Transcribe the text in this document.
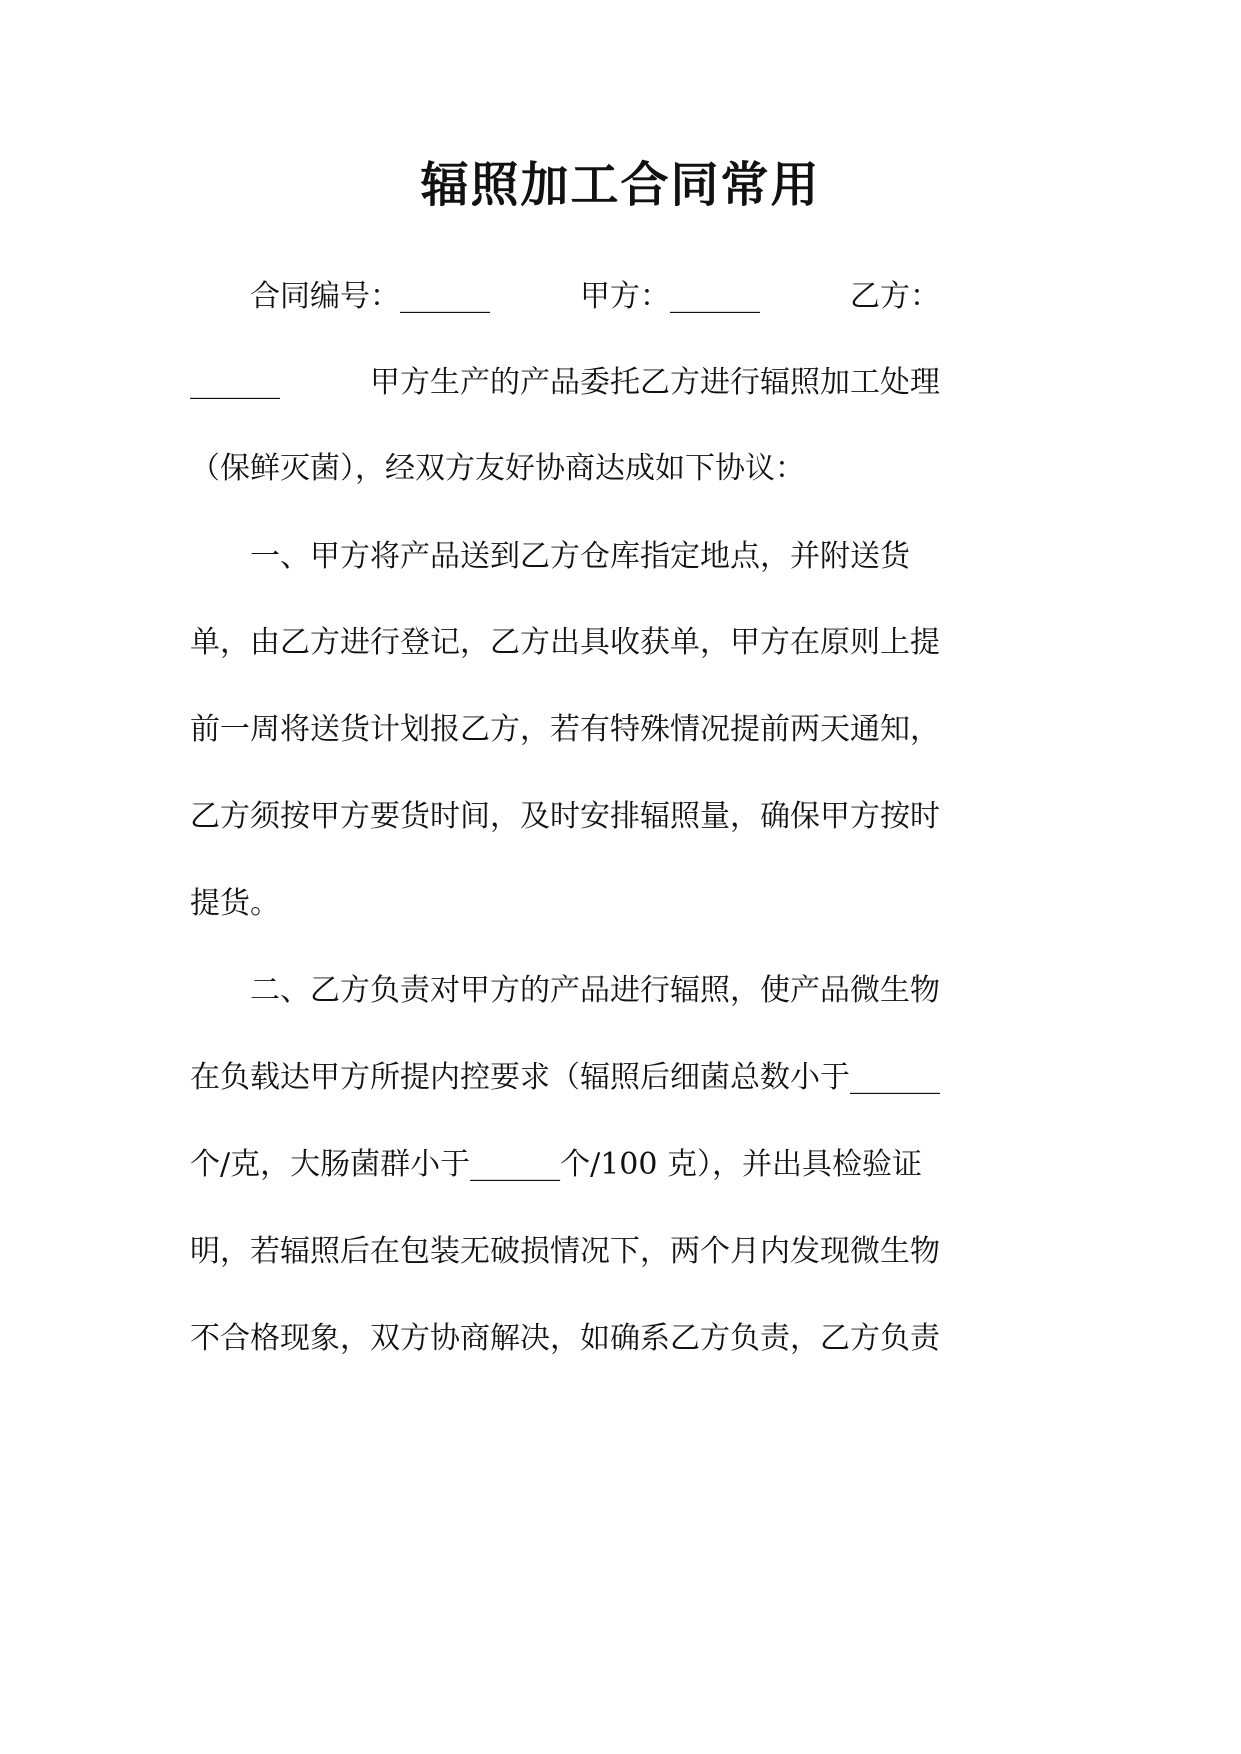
辐照加工合同常用
　　合同编号：______　　　甲方：______　　　乙方：
______　　　甲方生产的产品委托乙方进行辐照加工处理
（保鲜灭菌），经双方友好协商达成如下协议：
　　一、甲方将产品送到乙方仓库指定地点，并附送货
单，由乙方进行登记，乙方出具收获单，甲方在原则上提
前一周将送货计划报乙方，若有特殊情况提前两天通知，
乙方须按甲方要货时间，及时安排辐照量，确保甲方按时
提货。
　　二、乙方负责对甲方的产品进行辐照，使产品微生物
在负载达甲方所提内控要求（辐照后细菌总数小于______
个/克，大肠菌群小于______个/100 克），并出具检验证
明，若辐照后在包装无破损情况下，两个月内发现微生物
不合格现象，双方协商解决，如确系乙方负责，乙方负责
